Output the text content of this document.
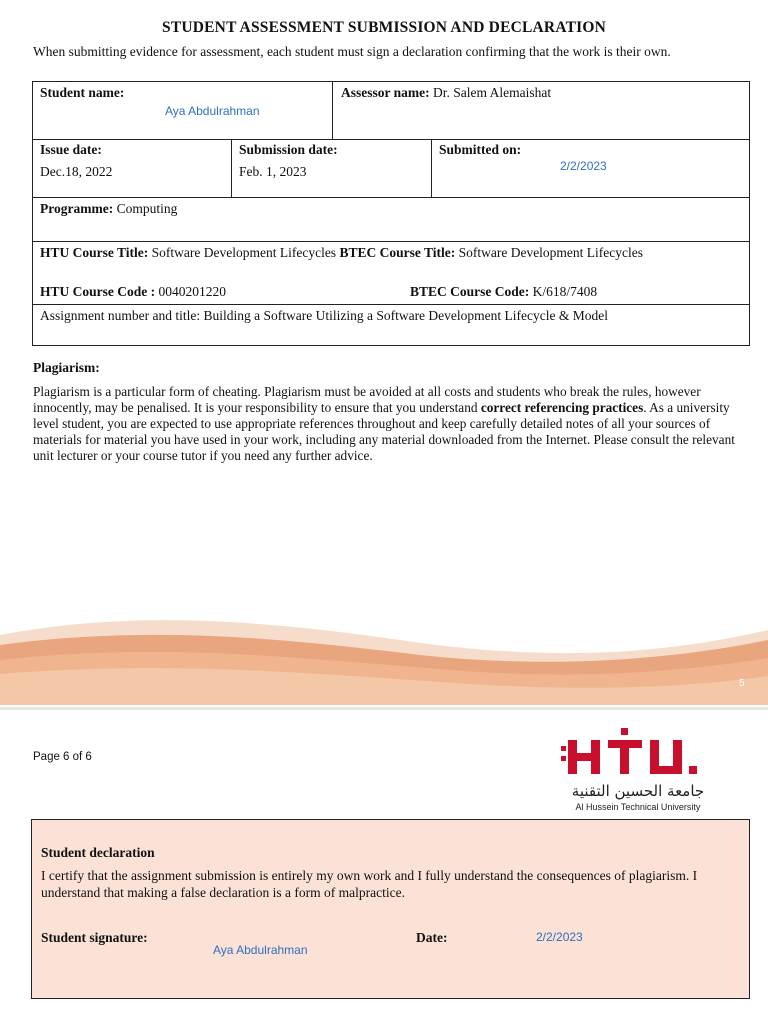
STUDENT ASSESSMENT SUBMISSION AND DECLARATION
When submitting evidence for assessment, each student must sign a declaration confirming that the work is their own.
Student name:
Aya Abdulrahman
Assessor name: Dr. Salem Alemaishat
Issue date:
Dec.18, 2022
Submission date:
Feb. 1, 2023
Submitted on:
2/2/2023
Programme: Computing
HTU Course Title: Software Development Lifecycles BTEC Course Title: Software Development Lifecycles
HTU Course Code : 0040201220	BTEC Course Code: K/618/7408
Assignment number and title: Building a Software Utilizing a Software Development Lifecycle & Model
Plagiarism:
Plagiarism is a particular form of cheating. Plagiarism must be avoided at all costs and students who break the rules, however innocently, may be penalised. It is your responsibility to ensure that you understand correct referencing practices. As a university level student, you are expected to use appropriate references throughout and keep carefully detailed notes of all your sources of materials for material you have used in your work, including any material downloaded from the Internet. Please consult the relevant unit lecturer or your course tutor if you need any further advice.
5
Page 6 of 6
جامعة الحسين التقنية
Al Hussein Technical University
Student declaration
I certify that the assignment submission is entirely my own work and I fully understand the consequences of plagiarism. I understand that making a false declaration is a form of malpractice.
Student signature:
Aya Abdulrahman
Date:	2/2/2023
